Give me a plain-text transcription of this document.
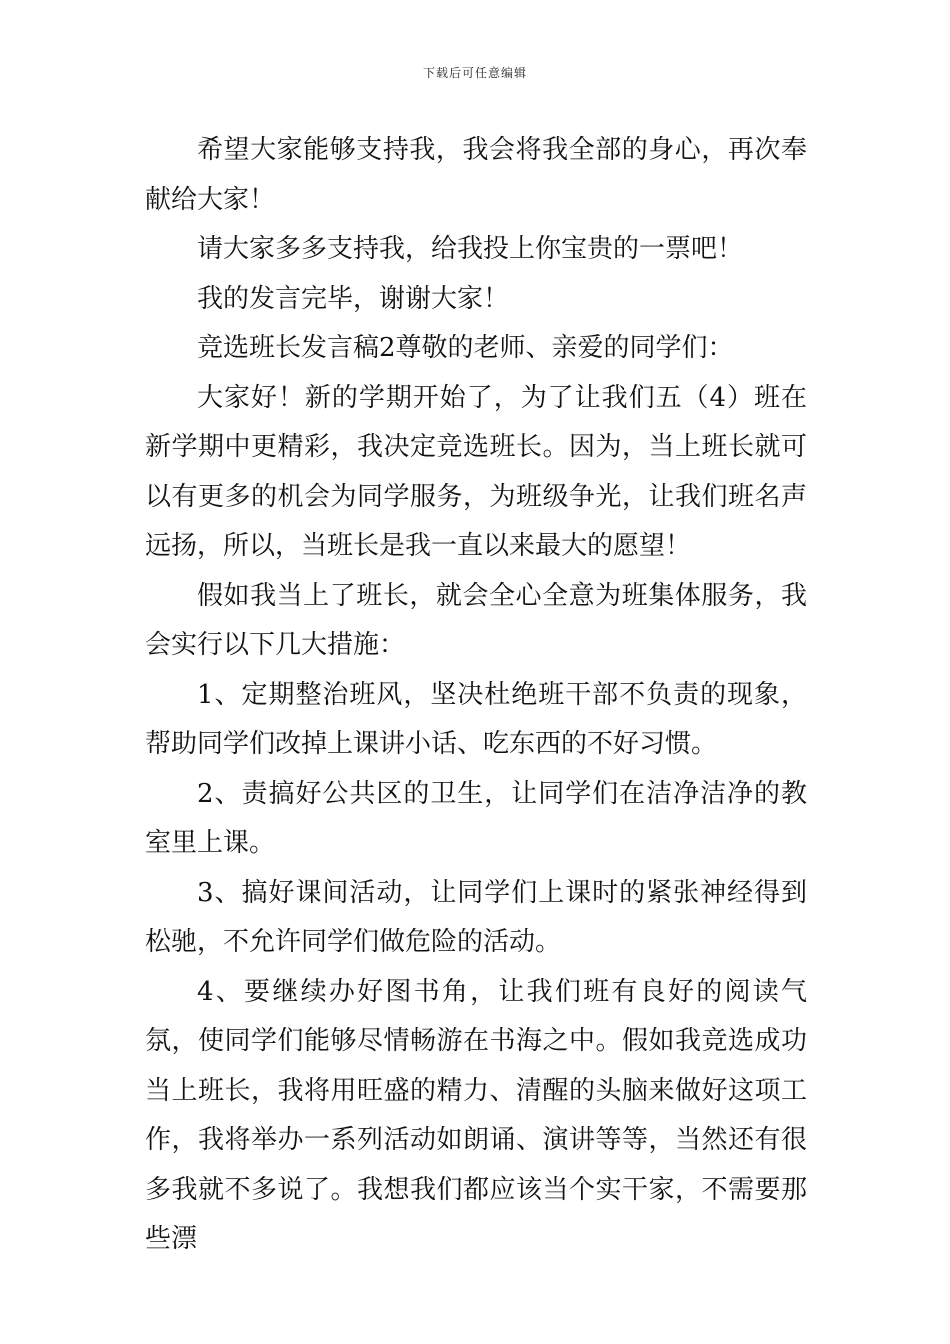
下载后可任意编辑

希望大家能够支持我，我会将我全部的身心，再次奉献给大家！

请大家多多支持我，给我投上你宝贵的一票吧！

我的发言完毕，谢谢大家！

竞选班长发言稿2尊敬的老师、亲爱的同学们：

大家好！新的学期开始了，为了让我们五（4）班在新学期中更精彩，我决定竞选班长。因为，当上班长就可以有更多的机会为同学服务，为班级争光，让我们班名声远扬，所以，当班长是我一直以来最大的愿望！

假如我当上了班长，就会全心全意为班集体服务，我会实行以下几大措施：

1、定期整治班风，坚决杜绝班干部不负责的现象，帮助同学们改掉上课讲小话、吃东西的不好习惯。

2、责搞好公共区的卫生，让同学们在洁净洁净的教室里上课。

3、搞好课间活动，让同学们上课时的紧张神经得到松驰，不允许同学们做危险的活动。

4、要继续办好图书角，让我们班有良好的阅读气氛，使同学们能够尽情畅游在书海之中。假如我竞选成功当上班长，我将用旺盛的精力、清醒的头脑来做好这项工作，我将举办一系列活动如朗诵、演讲等等，当然还有很多我就不多说了。我想我们都应该当个实干家，不需要那些漂
